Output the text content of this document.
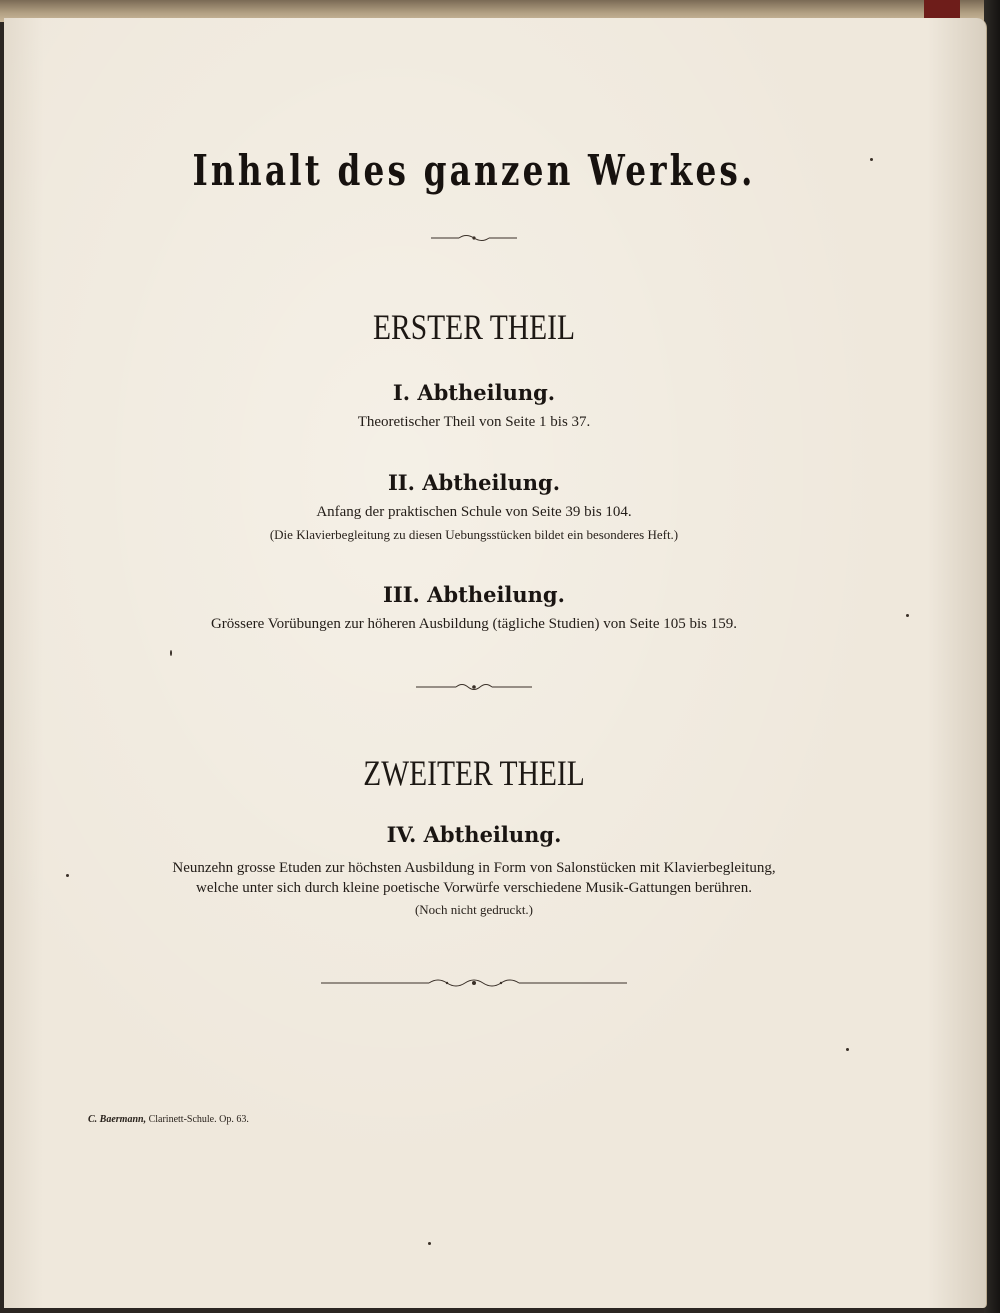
Inhalt des ganzen Werkes.
ERSTER THEIL
I. Abtheilung.
Theoretischer Theil von Seite 1 bis 37.
II. Abtheilung.
Anfang der praktischen Schule von Seite 39 bis 104.
(Die Klavierbegleitung zu diesen Uebungsstücken bildet ein besonderes Heft.)
III. Abtheilung.
Grössere Vorübungen zur höheren Ausbildung (tägliche Studien) von Seite 105 bis 159.
ZWEITER THEIL
IV. Abtheilung.
Neunzehn grosse Etuden zur höchsten Ausbildung in Form von Salonstücken mit Klavierbegleitung,
welche unter sich durch kleine poetische Vorwürfe verschiedene Musik-Gattungen berühren.
(Noch nicht gedruckt.)
C. Baermann, Clarinett-Schule. Op. 63.
